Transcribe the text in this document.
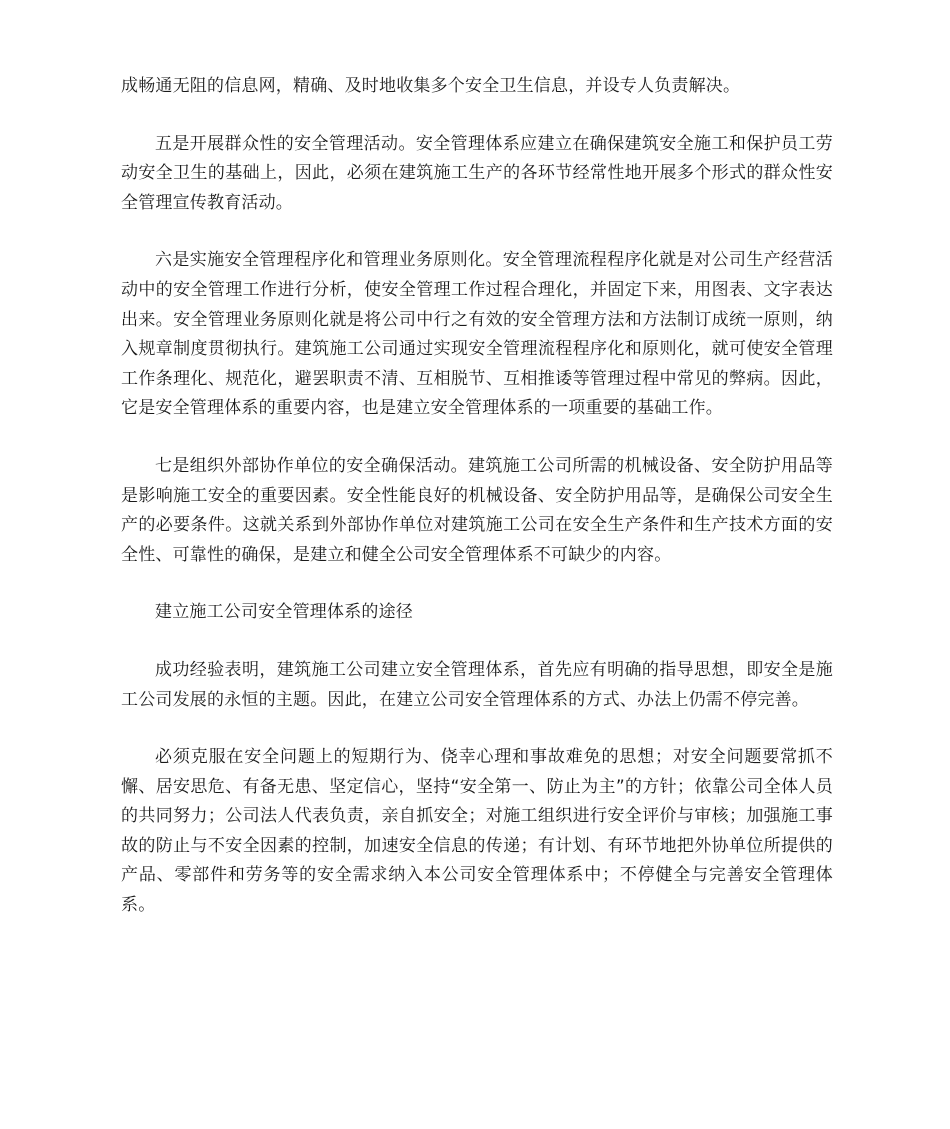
成畅通无阻的信息网，精确、及时地收集多个安全卫生信息，并设专人负责解决。

五是开展群众性的安全管理活动。安全管理体系应建立在确保建筑安全施工和保护员工劳动安全卫生的基础上，因此，必须在建筑施工生产的各环节经常性地开展多个形式的群众性安全管理宣传教育活动。

六是实施安全管理程序化和管理业务原则化。安全管理流程程序化就是对公司生产经营活动中的安全管理工作进行分析，使安全管理工作过程合理化，并固定下来，用图表、文字表达出来。安全管理业务原则化就是将公司中行之有效的安全管理方法和方法制订成统一原则，纳入规章制度贯彻执行。建筑施工公司通过实现安全管理流程程序化和原则化，就可使安全管理工作条理化、规范化，避罢职责不清、互相脱节、互相推诿等管理过程中常见的弊病。因此，它是安全管理体系的重要内容，也是建立安全管理体系的一项重要的基础工作。

七是组织外部协作单位的安全确保活动。建筑施工公司所需的机械设备、安全防护用品等是影响施工安全的重要因素。安全性能良好的机械设备、安全防护用品等，是确保公司安全生产的必要条件。这就关系到外部协作单位对建筑施工公司在安全生产条件和生产技术方面的安全性、可靠性的确保，是建立和健全公司安全管理体系不可缺少的内容。

建立施工公司安全管理体系的途径

成功经验表明，建筑施工公司建立安全管理体系，首先应有明确的指导思想，即安全是施工公司发展的永恒的主题。因此，在建立公司安全管理体系的方式、办法上仍需不停完善。

必须克服在安全问题上的短期行为、侥幸心理和事故难免的思想；对安全问题要常抓不懈、居安思危、有备无患、坚定信心，坚持“安全第一、防止为主”的方针；依靠公司全体人员的共同努力；公司法人代表负责，亲自抓安全；对施工组织进行安全评价与审核；加强施工事故的防止与不安全因素的控制，加速安全信息的传递；有计划、有环节地把外协单位所提供的产品、零部件和劳务等的安全需求纳入本公司安全管理体系中；不停健全与完善安全管理体系。
